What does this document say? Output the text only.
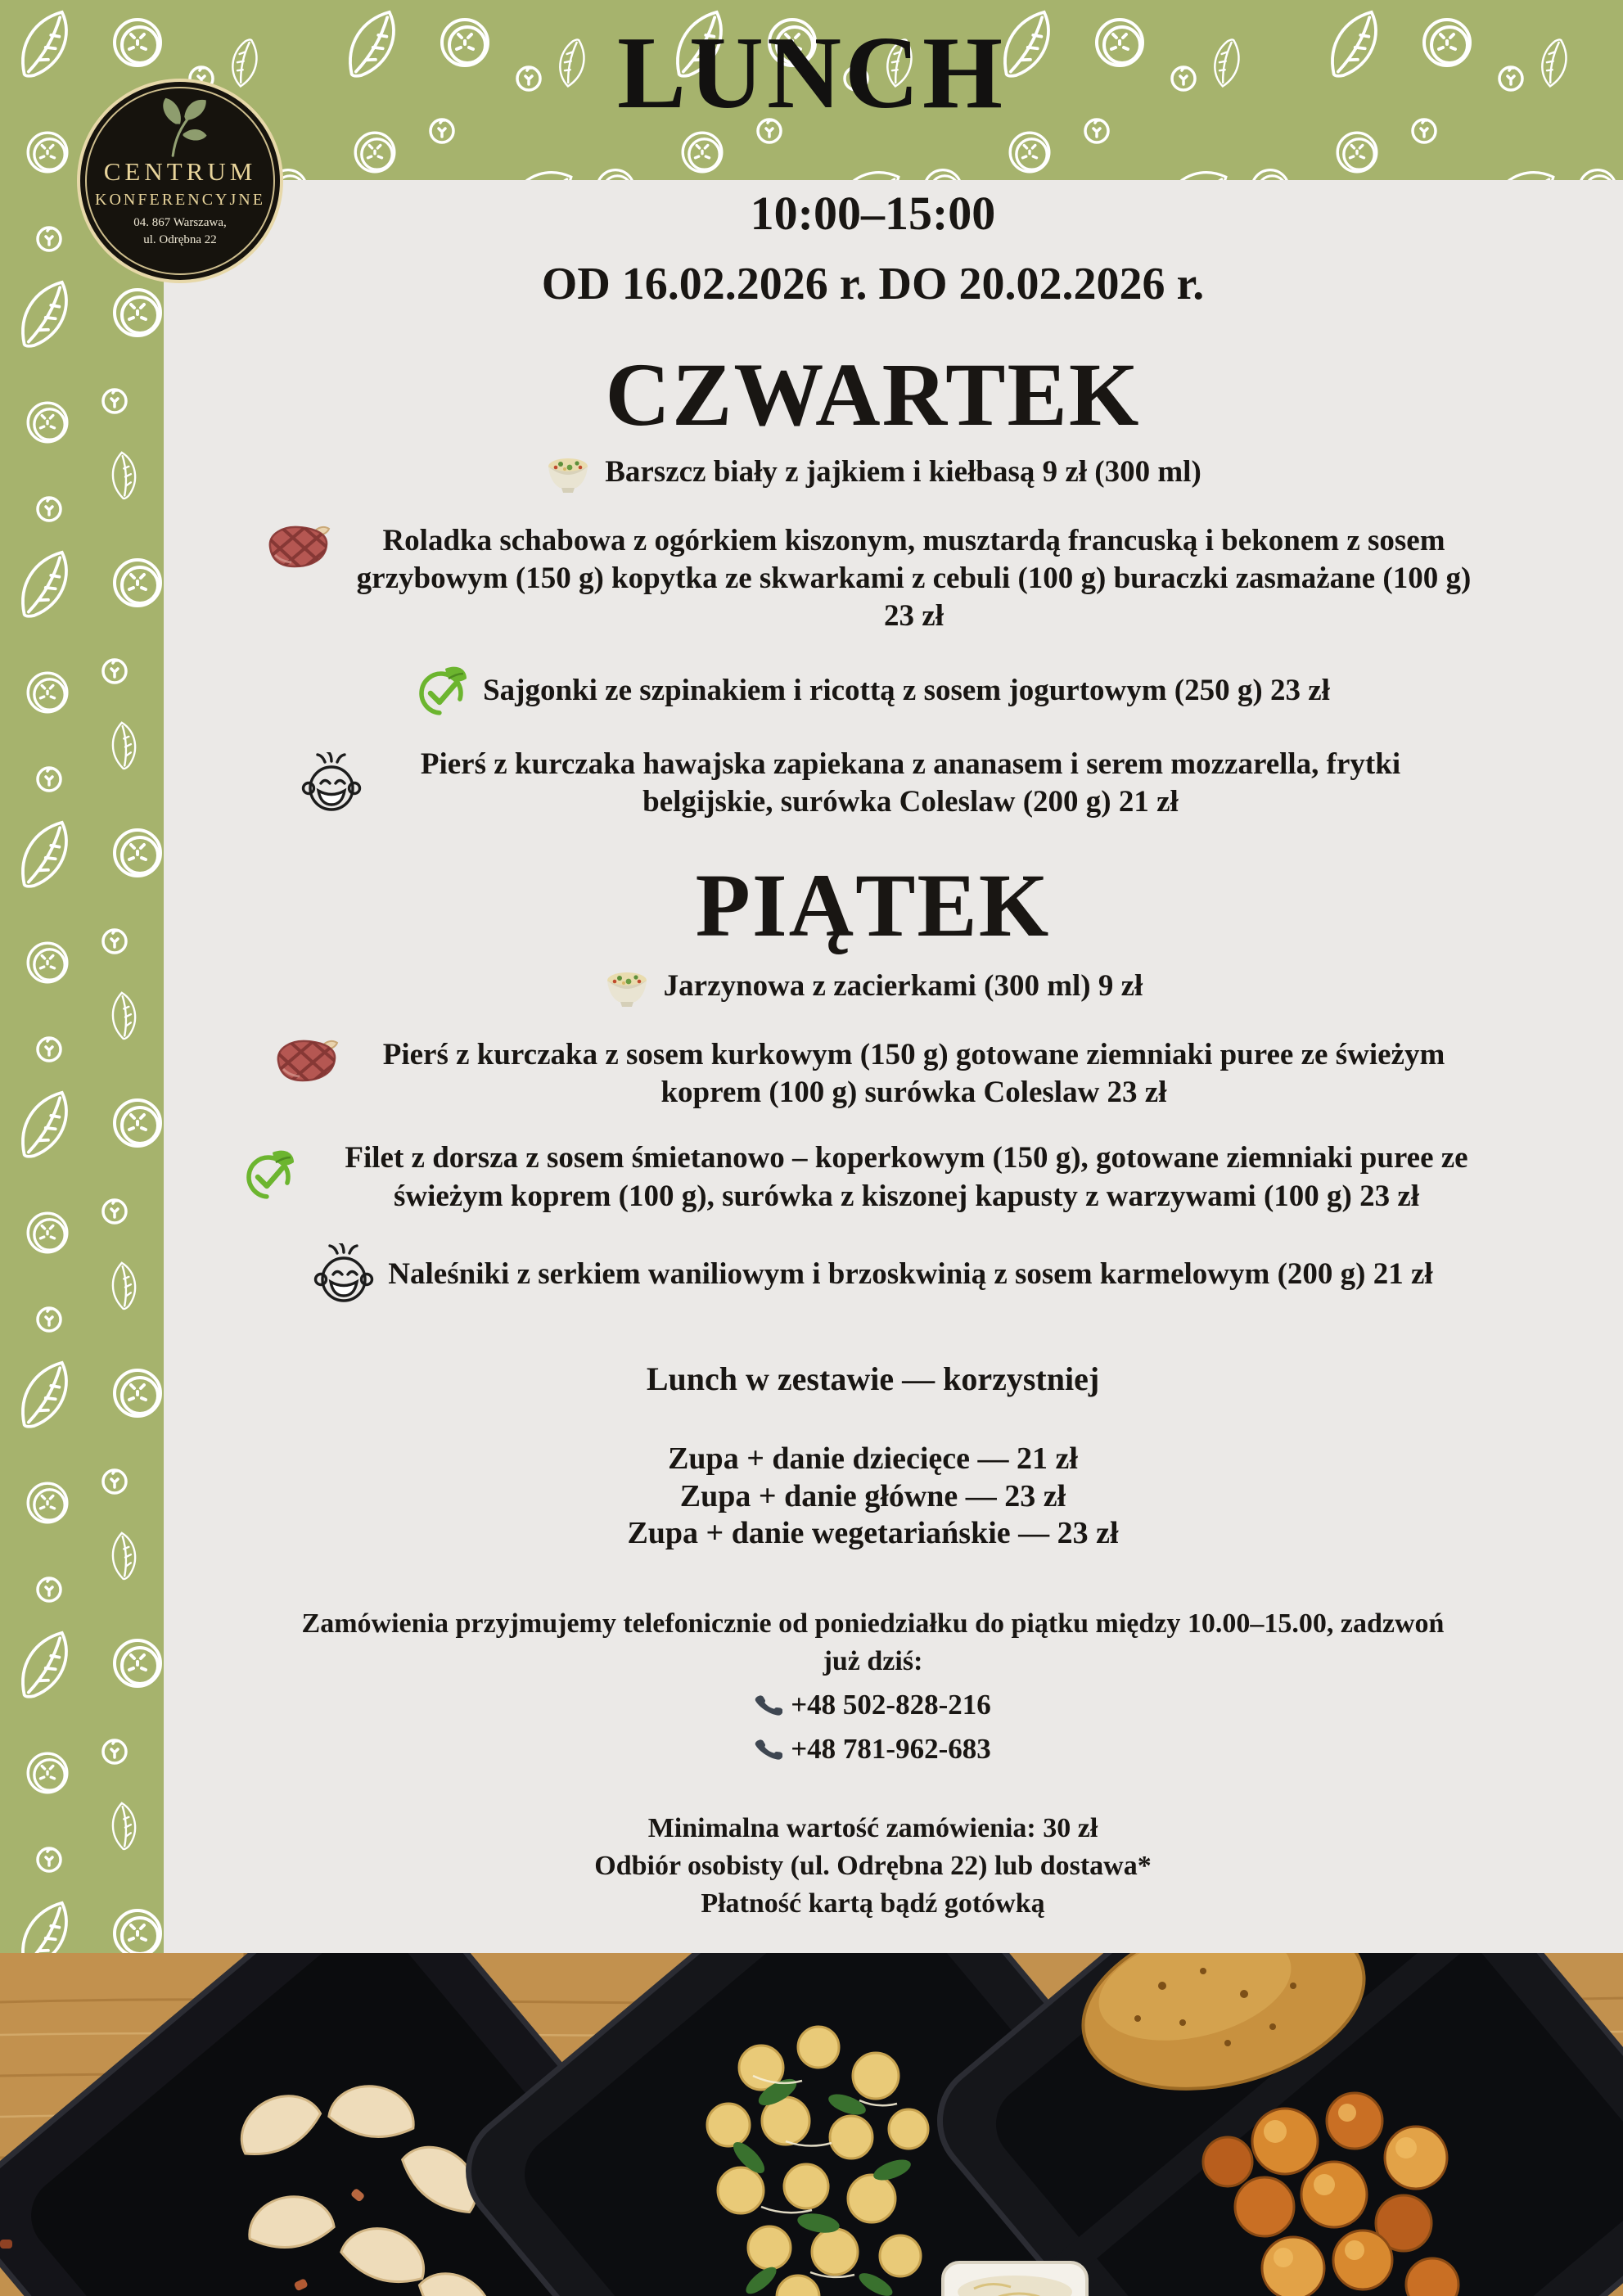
LUNCH
CENTRUM
KONFERENCYJNE
04. 867 Warszawa,
ul. Odrębna 22	10:00–15:00

OD 16.02.2026 r. DO 20.02.2026 r.

CZWARTEK
Barszcz biały z jajkiem i kiełbasą 9 zł (300 ml)
Roladka schabowa z ogórkiem kiszonym, musztardą francuską i bekonem z sosem grzybowym (150 g) kopytka ze skwarkami z cebuli (100 g) buraczki zasmażane (100 g) 23 zł
Sajgonki ze szpinakiem i ricottą z sosem jogurtowym (250 g) 23 zł
Pierś z kurczaka hawajska zapiekana z ananasem i serem mozzarella, frytki belgijskie, surówka Coleslaw (200 g) 21 zł
PIĄTEK
Jarzynowa z zacierkami (300 ml) 9 zł
Pierś z kurczaka z sosem kurkowym (150 g) gotowane ziemniaki puree ze świeżym koprem (100 g) surówka Coleslaw 23 zł
Filet z dorsza z sosem śmietanowo – koperkowym (150 g), gotowane ziemniaki puree ze świeżym koprem (100 g), surówka z kiszonej kapusty z warzywami (100 g) 23 zł
Naleśniki z serkiem waniliowym i brzoskwinią z sosem karmelowym (200 g) 21 zł

Lunch w zestawie — korzystniej

Zupa + danie dziecięce — 21 zł

Zupa + danie główne — 23 zł

Zupa + danie wegetariańskie — 23 zł

Zamówienia przyjmujemy telefonicznie od poniedziałku do piątku między 10.00–15.00, zadzwoń już dziś:

+48 502-828-216
+48 781-962-683

Minimalna wartość zamówienia: 30 zł

Odbiór osobisty (ul. Odrębna 22) lub dostawa*

Płatność kartą bądź gotówką
